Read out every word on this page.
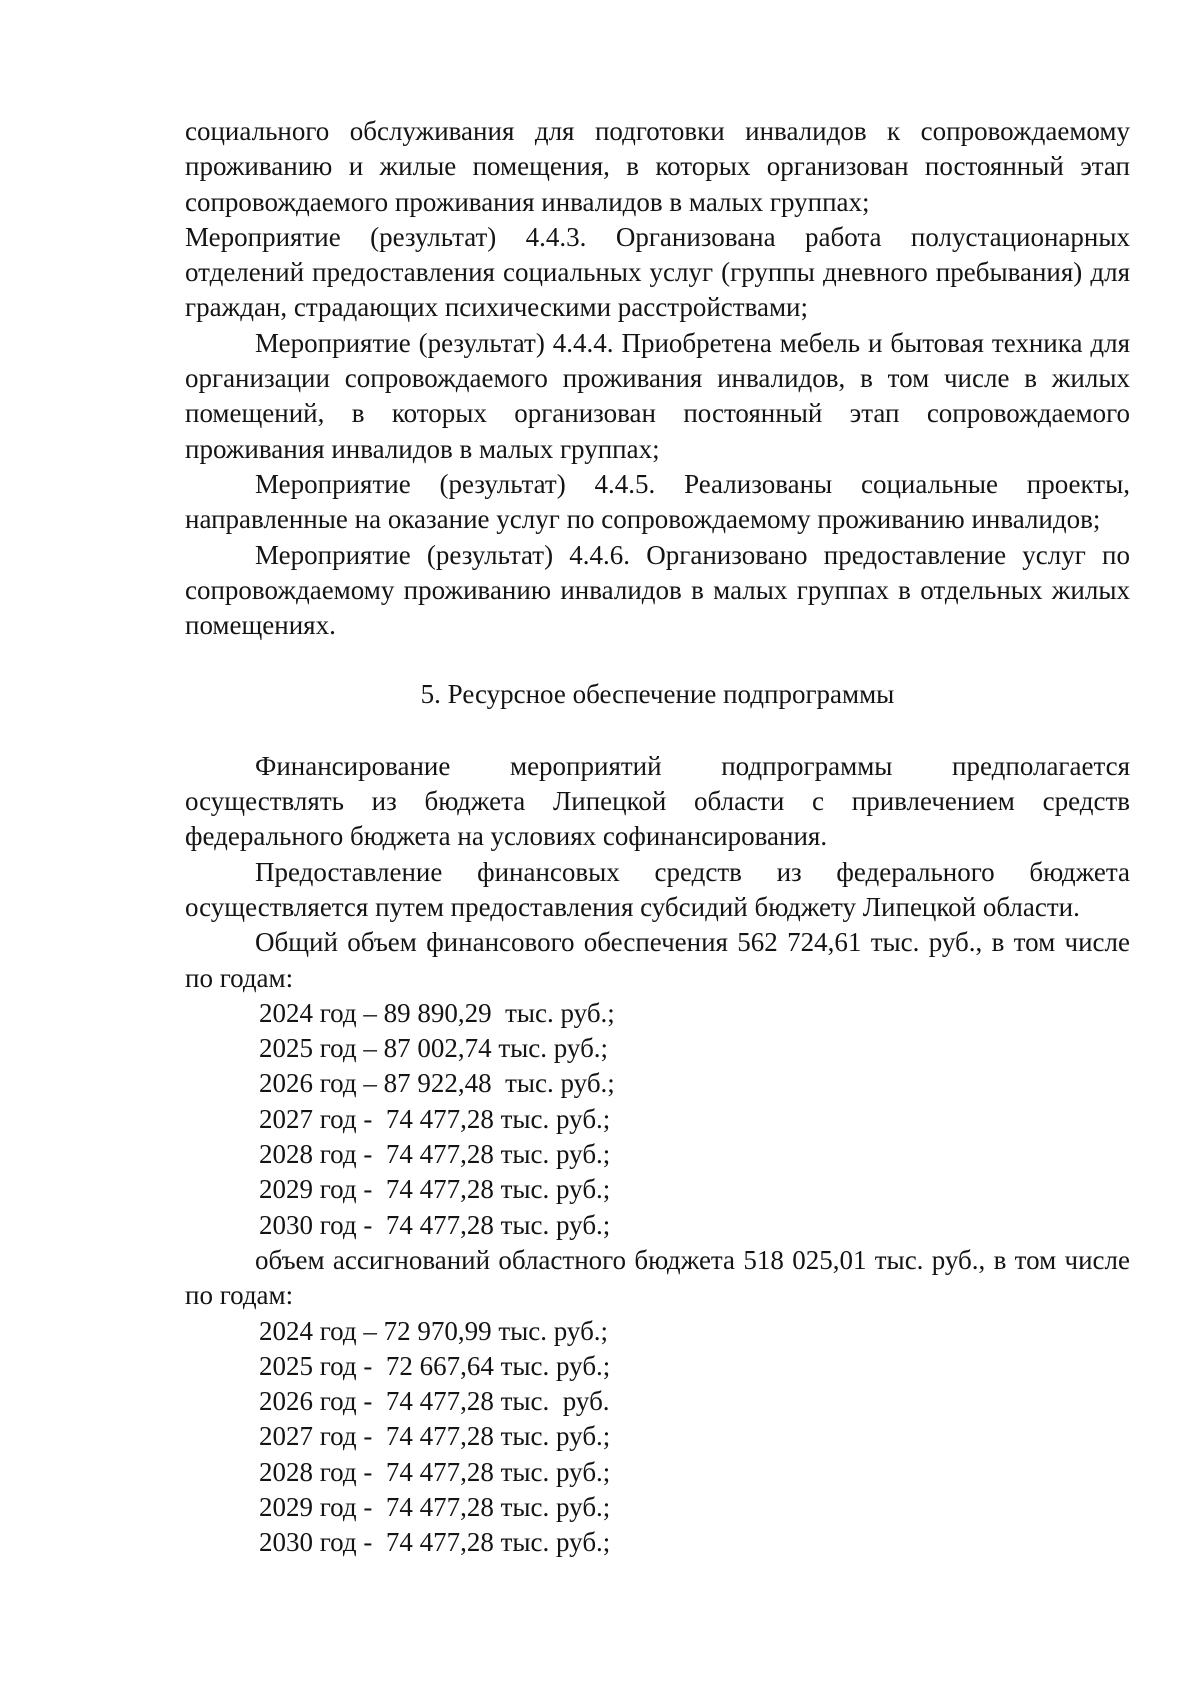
социального обслуживания для подготовки инвалидов к сопровождаемому проживанию и жилые помещения, в которых организован постоянный этап сопровождаемого проживания инвалидов в малых группах;

Мероприятие (результат) 4.4.3. Организована работа полустационарных отделений предоставления социальных услуг (группы дневного пребывания) для граждан, страдающих психическими расстройствами;

Мероприятие (результат) 4.4.4. Приобретена мебель и бытовая техника для организации сопровождаемого проживания инвалидов, в том числе в жилых помещений, в которых организован постоянный этап сопровождаемого проживания инвалидов в малых группах;

Мероприятие (результат) 4.4.5. Реализованы социальные проекты, направленные на оказание услуг по сопровождаемому проживанию инвалидов;

Мероприятие (результат) 4.4.6. Организовано предоставление услуг по сопровождаемому проживанию инвалидов в малых группах в отдельных жилых помещениях.

5. Ресурсное обеспечение подпрограммы

Финансирование мероприятий подпрограммы предполагается осуществлять из бюджета Липецкой области с привлечением средств федерального бюджета на условиях софинансирования.

Предоставление финансовых средств из федерального бюджета осуществляется путем предоставления субсидий бюджету Липецкой области.

Общий объем финансового обеспечения 562 724,61 тыс. руб., в том числе по годам:

2024 год – 89 890,29  тыс. руб.;
2025 год – 87 002,74 тыс. руб.;
2026 год – 87 922,48  тыс. руб.;
2027 год -  74 477,28 тыс. руб.;
2028 год -  74 477,28 тыс. руб.;
2029 год -  74 477,28 тыс. руб.;
2030 год -  74 477,28 тыс. руб.;

объем ассигнований областного бюджета 518 025,01 тыс. руб., в том числе по годам:

2024 год – 72 970,99 тыс. руб.;
2025 год -  72 667,64 тыс. руб.;
2026 год -  74 477,28 тыс.  руб.
2027 год -  74 477,28 тыс. руб.;
2028 год -  74 477,28 тыс. руб.;
2029 год -  74 477,28 тыс. руб.;
2030 год -  74 477,28 тыс. руб.;
